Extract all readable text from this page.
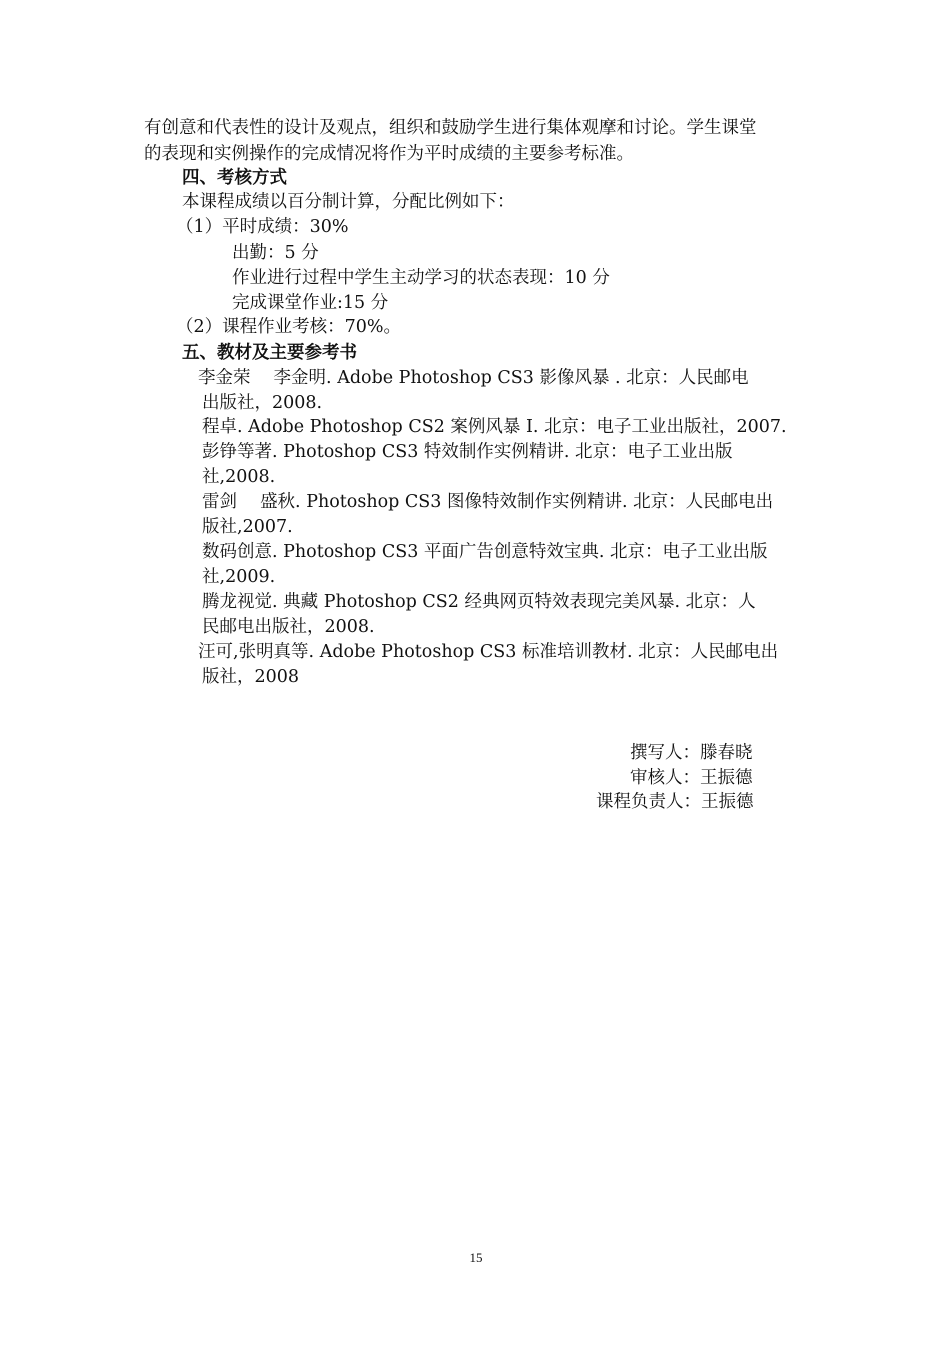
有创意和代表性的设计及观点，组织和鼓励学生进行集体观摩和讨论。学生课堂
的表现和实例操作的完成情况将作为平时成绩的主要参考标准。
四、考核方式
本课程成绩以百分制计算，分配比例如下：
（1）平时成绩：30%
出勤：5 分
作业进行过程中学生主动学习的状态表现：10 分
完成课堂作业:15 分
（2）课程作业考核：70%。
五、教材及主要参考书
李金荣　 李金明. Adobe Photoshop CS3 影像风暴 . 北京：人民邮电
出版社，2008.
程卓. Adobe Photoshop CS2 案例风暴 Ⅰ. 北京：电子工业出版社，2007.
彭铮等著. Photoshop CS3 特效制作实例精讲. 北京：电子工业出版
社,2008.
雷剑　 盛秋. Photoshop CS3 图像特效制作实例精讲. 北京：人民邮电出
版社,2007.
数码创意. Photoshop CS3 平面广告创意特效宝典. 北京：电子工业出版
社,2009.
腾龙视觉. 典藏 Photoshop CS2 经典网页特效表现完美风暴. 北京：人
民邮电出版社，2008.
汪可,张明真等. Adobe Photoshop CS3 标准培训教材. 北京：人民邮电出
版社，2008
撰写人：滕春晓
审核人：王振德
课程负责人：王振德
15
